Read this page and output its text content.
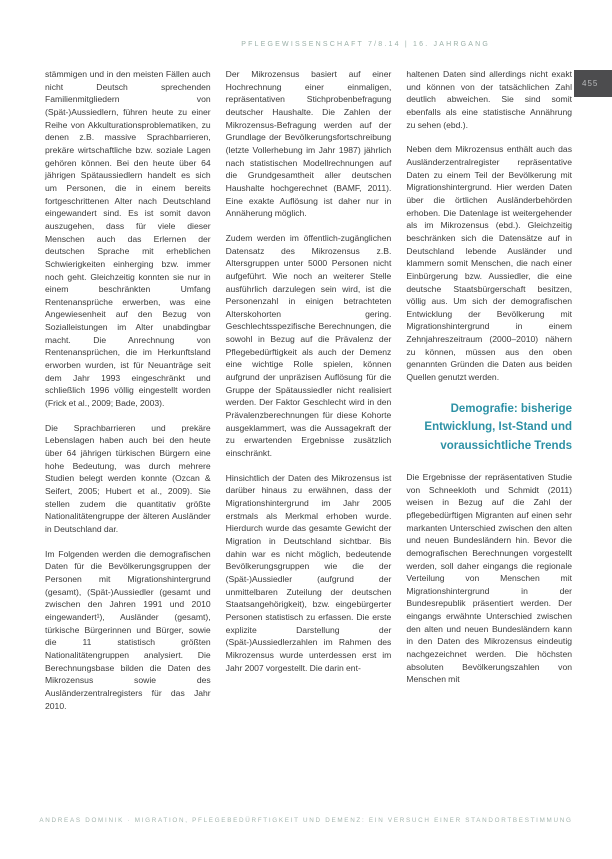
PFLEGEWISSENSCHAFT 7/8.14 | 16. JAHRGANG
455

stämmigen und in den meisten Fällen auch nicht Deutsch sprechenden Familienmitgliedern von (Spät-)Aussiedlern, führen heute zu einer Reihe von Akkulturationsproblematiken, zu denen z.B. massive Sprachbarrieren, prekäre wirtschaftliche bzw. soziale Lagen gehören können. Bei den heute über 64 jährigen Spätaussiedlern handelt es sich um Personen, die in einem bereits fortgeschrittenen Alter nach Deutschland eingewandert sind. Es ist somit davon auszugehen, dass für viele dieser Menschen auch das Erlernen der deutschen Sprache mit erheblichen Schwierigkeiten einherging bzw. immer noch geht. Gleichzeitig konnten sie nur in einem beschränkten Umfang Rentenansprüche erwerben, was eine Angewiesenheit auf den Bezug von Sozialleistungen im Alter unabdingbar macht. Die Anrechnung von Rentenansprüchen, die im Herkunftsland erworben wurden, ist für Neuanträge seit dem Jahr 1993 eingeschränkt und schließlich 1996 völlig eingestellt worden (Frick et al., 2009; Bade, 2003).

Die Sprachbarrieren und prekäre Lebenslagen haben auch bei den heute über 64 jährigen türkischen Bürgern eine hohe Bedeutung, was durch mehrere Studien belegt werden konnte (Ozcan & Seifert, 2005; Hubert et al., 2009). Sie stellen zudem die quantitativ größte Nationalitätengruppe der älteren Ausländer in Deutschland dar.

Im Folgenden werden die demografischen Daten für die Bevölkerungsgruppen der Personen mit Migrationshintergrund (gesamt), (Spät-)Aussiedler (gesamt und zwischen den Jahren 1991 und 2010 eingewandert¹), Ausländer (gesamt), türkische Bürgerinnen und Bürger, sowie die 11 statistisch größten Nationalitätengruppen analysiert. Die Berechnungsbase bilden die Daten des Mikrozensus sowie des Ausländerzentralregisters für das Jahr 2010.

Der Mikrozensus basiert auf einer Hochrechnung einer einmaligen, repräsentativen Stichprobenbefragung deutscher Haushalte. Die Zahlen der Mikrozensus-Befragung werden auf der Grundlage der Bevölkerungsfortschreibung (letzte Vollerhebung im Jahr 1987) jährlich nach statistischen Modellrechnungen auf die Grundgesamtheit aller deutschen Haushalte hochgerechnet (BAMF, 2011). Eine exakte Auflösung ist daher nur in Annäherung möglich.

Zudem werden im öffentlich-zugänglichen Datensatz des Mikrozensus z.B. Altersgruppen unter 5000 Personen nicht aufgeführt. Wie noch an weiterer Stelle ausführlich darzulegen sein wird, ist die Personenzahl in einigen betrachteten Alterskohorten gering. Geschlechtsspezifische Berechnungen, die sowohl in Bezug auf die Prävalenz der Pflegebedürftigkeit als auch der Demenz eine wichtige Rolle spielen, können aufgrund der unpräzisen Auflösung für die Gruppe der Spätaussiedler nicht realisiert werden. Der Faktor Geschlecht wird in den Prävalenzberechnungen für diese Kohorte ausgeklammert, was die Aussagekraft der zu erwartenden Ergebnisse zusätzlich einschränkt.

Hinsichtlich der Daten des Mikrozensus ist darüber hinaus zu erwähnen, dass der Migrationshintergrund im Jahr 2005 erstmals als Merkmal erhoben wurde. Hierdurch wurde das gesamte Gewicht der Migration in Deutschland sichtbar. Bis dahin war es nicht möglich, bedeutende Bevölkerungsgruppen wie die der (Spät-)Aussiedler (aufgrund der unmittelbaren Zuteilung der deutschen Staatsangehörigkeit), bzw. eingebürgerter Personen statistisch zu erfassen. Die erste explizite Darstellung der (Spät-)Aussiedlerzahlen im Rahmen des Mikrozensus wurde unterdessen erst im Jahr 2007 vorgestellt. Die darin ent-

haltenen Daten sind allerdings nicht exakt und können von der tatsächlichen Zahl deutlich abweichen. Sie sind somit ebenfalls als eine statistische Annährung zu sehen (ebd.).

Neben dem Mikrozensus enthält auch das Ausländerzentralregister repräsentative Daten zu einem Teil der Bevölkerung mit Migrationshintergrund. Hier werden Daten über die örtlichen Ausländerbehörden erhoben. Die Datenlage ist weitergehender als im Mikrozensus (ebd.). Gleichzeitig beschränken sich die Datensätze auf in Deutschland lebende Ausländer und klammern somit Menschen, die nach einer Einbürgerung bzw. Aussiedler, die eine deutsche Staatsbürgerschaft besitzen, völlig aus. Um sich der demografischen Entwicklung der Bevölkerung mit Migrationshintergrund in einem Zehnjahreszeitraum (2000–2010) nähern zu können, müssen aus den oben genannten Gründen die Daten aus beiden Quellen genutzt werden.

Demografie: bisherige Entwicklung, Ist-Stand und voraussichtliche Trends

Die Ergebnisse der repräsentativen Studie von Schneekloth und Schmidt (2011) weisen in Bezug auf die Zahl der pflegebedürftigen Migranten auf einen sehr markanten Unterschied zwischen den alten und neuen Bundesländern hin. Bevor die demografischen Berechnungen vorgestellt werden, soll daher eingangs die regionale Verteilung von Menschen mit Migrationshintergrund in der Bundesrepublik präsentiert werden. Der eingangs erwähnte Unterschied zwischen den alten und neuen Bundesländern kann in den Daten des Mikrozensus eindeutig nachgezeichnet werden. Die höchsten absoluten Bevölkerungszahlen von Menschen mit

ANDREAS DOMINIK · MIGRATION, PFLEGEBEDÜRFTIGKEIT UND DEMENZ: EIN VERSUCH EINER STANDORTBESTIMMUNG
